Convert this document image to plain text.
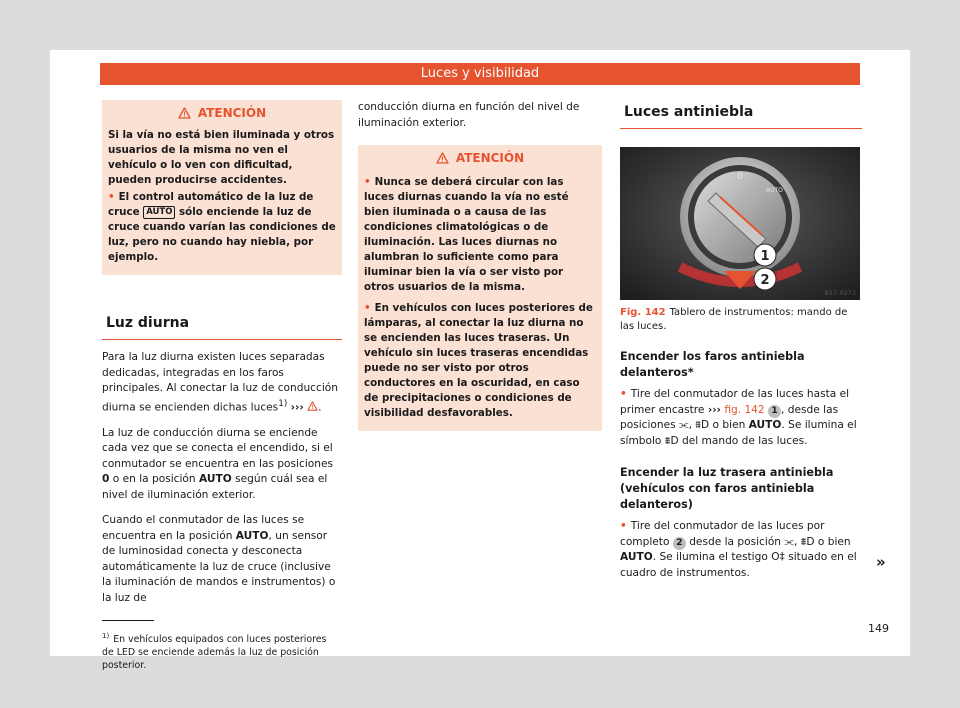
Luces y visibilidad
ATENCIÓN

Si la vía no está bien iluminada y otros usuarios de la misma no ven el vehículo o lo ven con dificultad, pueden producirse accidentes.

• El control automático de la luz de cruce AUTO sólo enciende la luz de cruce cuando varían las condiciones de luz, pero no cuando hay niebla, por ejemplo.

Luz diurna

Para la luz diurna existen luces separadas dedicadas, integradas en los faros principales. Al conectar la luz de conducción diurna se encienden dichas luces$^{1)}$ ››› .

La luz de conducción diurna se enciende cada vez que se conecta el encendido, si el conmutador se encuentra en las posiciones 0 o en la posición AUTO según cuál sea el nivel de iluminación exterior.

Cuando el conmutador de las luces se encuentra en la posición AUTO, un sensor de luminosidad conecta y desconecta automáticamente la luz de cruce (inclusive la iluminación de mandos e instrumentos) o la luz de

$^{1)}$ En vehículos equipados con luces posteriores de LED se enciende además la luz de posición posterior.

conducción diurna en función del nivel de iluminación exterior.

ATENCIÓN

• Nunca se deberá circular con las luces diurnas cuando la vía no esté bien iluminada o a causa de las condiciones climatológicas o de iluminación. Las luces diurnas no alumbran lo suficiente como para iluminar bien la vía o ser visto por otros usuarios de la misma.

• En vehículos con luces posteriores de lámparas, al conectar la luz diurna no se encienden las luces traseras. Un vehículo sin luces traseras encendidas puede no ser visto por otros conductores en la oscuridad, en caso de precipitaciones o condiciones de visibilidad desfavorables.

Luces antiniebla
0
AUTO
1
2
B57-0273

Fig. 142 Tablero de instrumentos: mando de las luces.

Encender los faros antiniebla delanteros*

• Tire del conmutador de las luces hasta el primer encastre ››› fig. 142 1 , desde las posiciones ⫘, ⩩D o bien AUTO. Se ilumina el símbolo ⩩D del mando de las luces.

Encender la luz trasera antiniebla (vehículos con faros antiniebla delanteros)

• Tire del conmutador de las luces por completo 2 desde la posición ⫘, ⩩D o bien AUTO. Se ilumina el testigo O‡ situado en el cuadro de instrumentos.

»
149
